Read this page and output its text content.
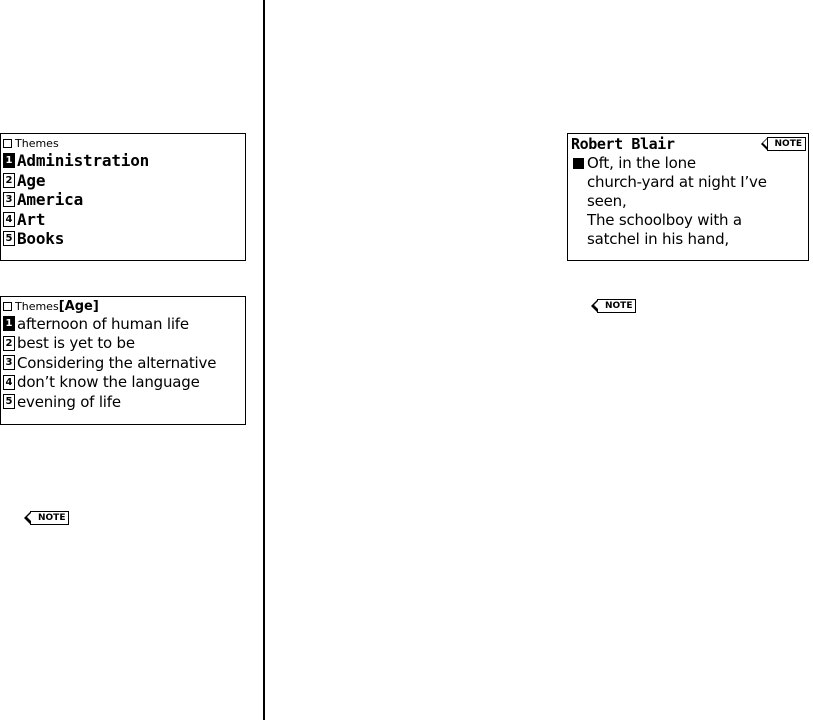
Themes
1 Administration
2 Age
3 America
4 Art
5 Books
Themes [ Age ]
1 afternoon of human life
2 best is yet to be
3 Considering the alternative
4 don’t know the language
5 evening of life
Robert Blair	NOTE
Oft, in the lone
church-yard at night I’ve
seen,
The schoolboy with a
satchel in his hand,
NOTE
NOTE
